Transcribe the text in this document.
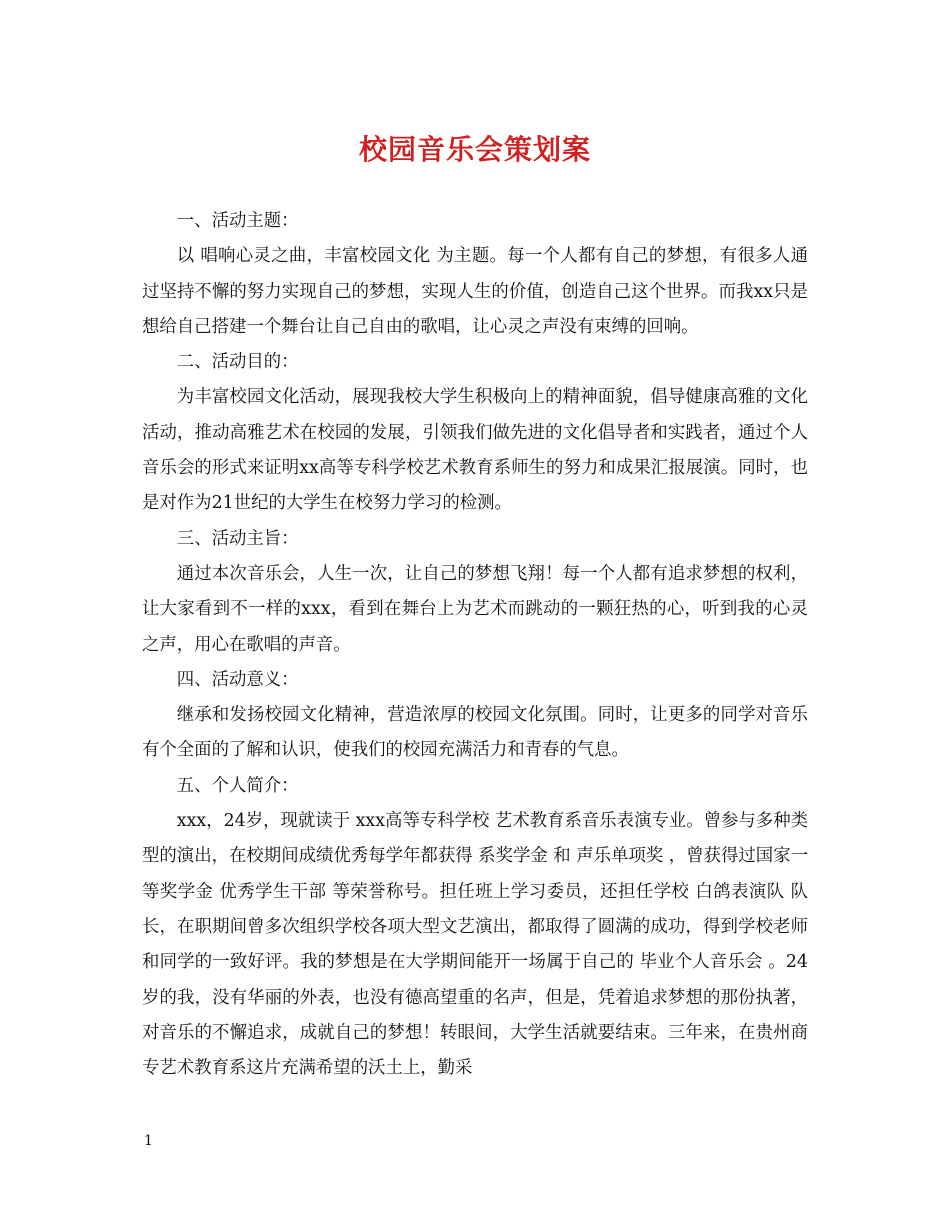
校园音乐会策划案

一、活动主题：

以 唱响心灵之曲，丰富校园文化 为主题。每一个人都有自己的梦想，有很多人通过坚持不懈的努力实现自己的梦想，实现人生的价值，创造自己这个世界。而我xx只是想给自己搭建一个舞台让自己自由的歌唱，让心灵之声没有束缚的回响。

二、活动目的：

为丰富校园文化活动，展现我校大学生积极向上的精神面貌，倡导健康高雅的文化活动，推动高雅艺术在校园的发展，引领我们做先进的文化倡导者和实践者，通过个人音乐会的形式来证明xx高等专科学校艺术教育系师生的努力和成果汇报展演。同时，也是对作为21世纪的大学生在校努力学习的检测。

三、活动主旨：

通过本次音乐会，人生一次，让自己的梦想飞翔！每一个人都有追求梦想的权利，让大家看到不一样的xxx，看到在舞台上为艺术而跳动的一颗狂热的心，听到我的心灵 之声，用心在歌唱的声音。

四、活动意义：

继承和发扬校园文化精神，营造浓厚的校园文化氛围。同时，让更多的同学对音乐有个全面的了解和认识，使我们的校园充满活力和青春的气息。

五、个人简介：

xxx，24岁，现就读于 xxx高等专科学校 艺术教育系音乐表演专业。曾参与多种类型的演出，在校期间成绩优秀每学年都获得 系奖学金 和 声乐单项奖 ，曾获得过国家一等奖学金 优秀学生干部 等荣誉称号。担任班上学习委员，还担任学校 白鸽表演队 队长，在职期间曾多次组织学校各项大型文艺演出，都取得了圆满的成功，得到学校老师和同学的一致好评。我的梦想是在大学期间能开一场属于自己的 毕业个人音乐会 。24岁的我，没有华丽的外表，也没有德高望重的名声，但是，凭着追求梦想的那份执著，对音乐的不懈追求，成就自己的梦想！转眼间，大学生活就要结束。三年来，在贵州商专艺术教育系这片充满希望的沃土上，勤采

1
